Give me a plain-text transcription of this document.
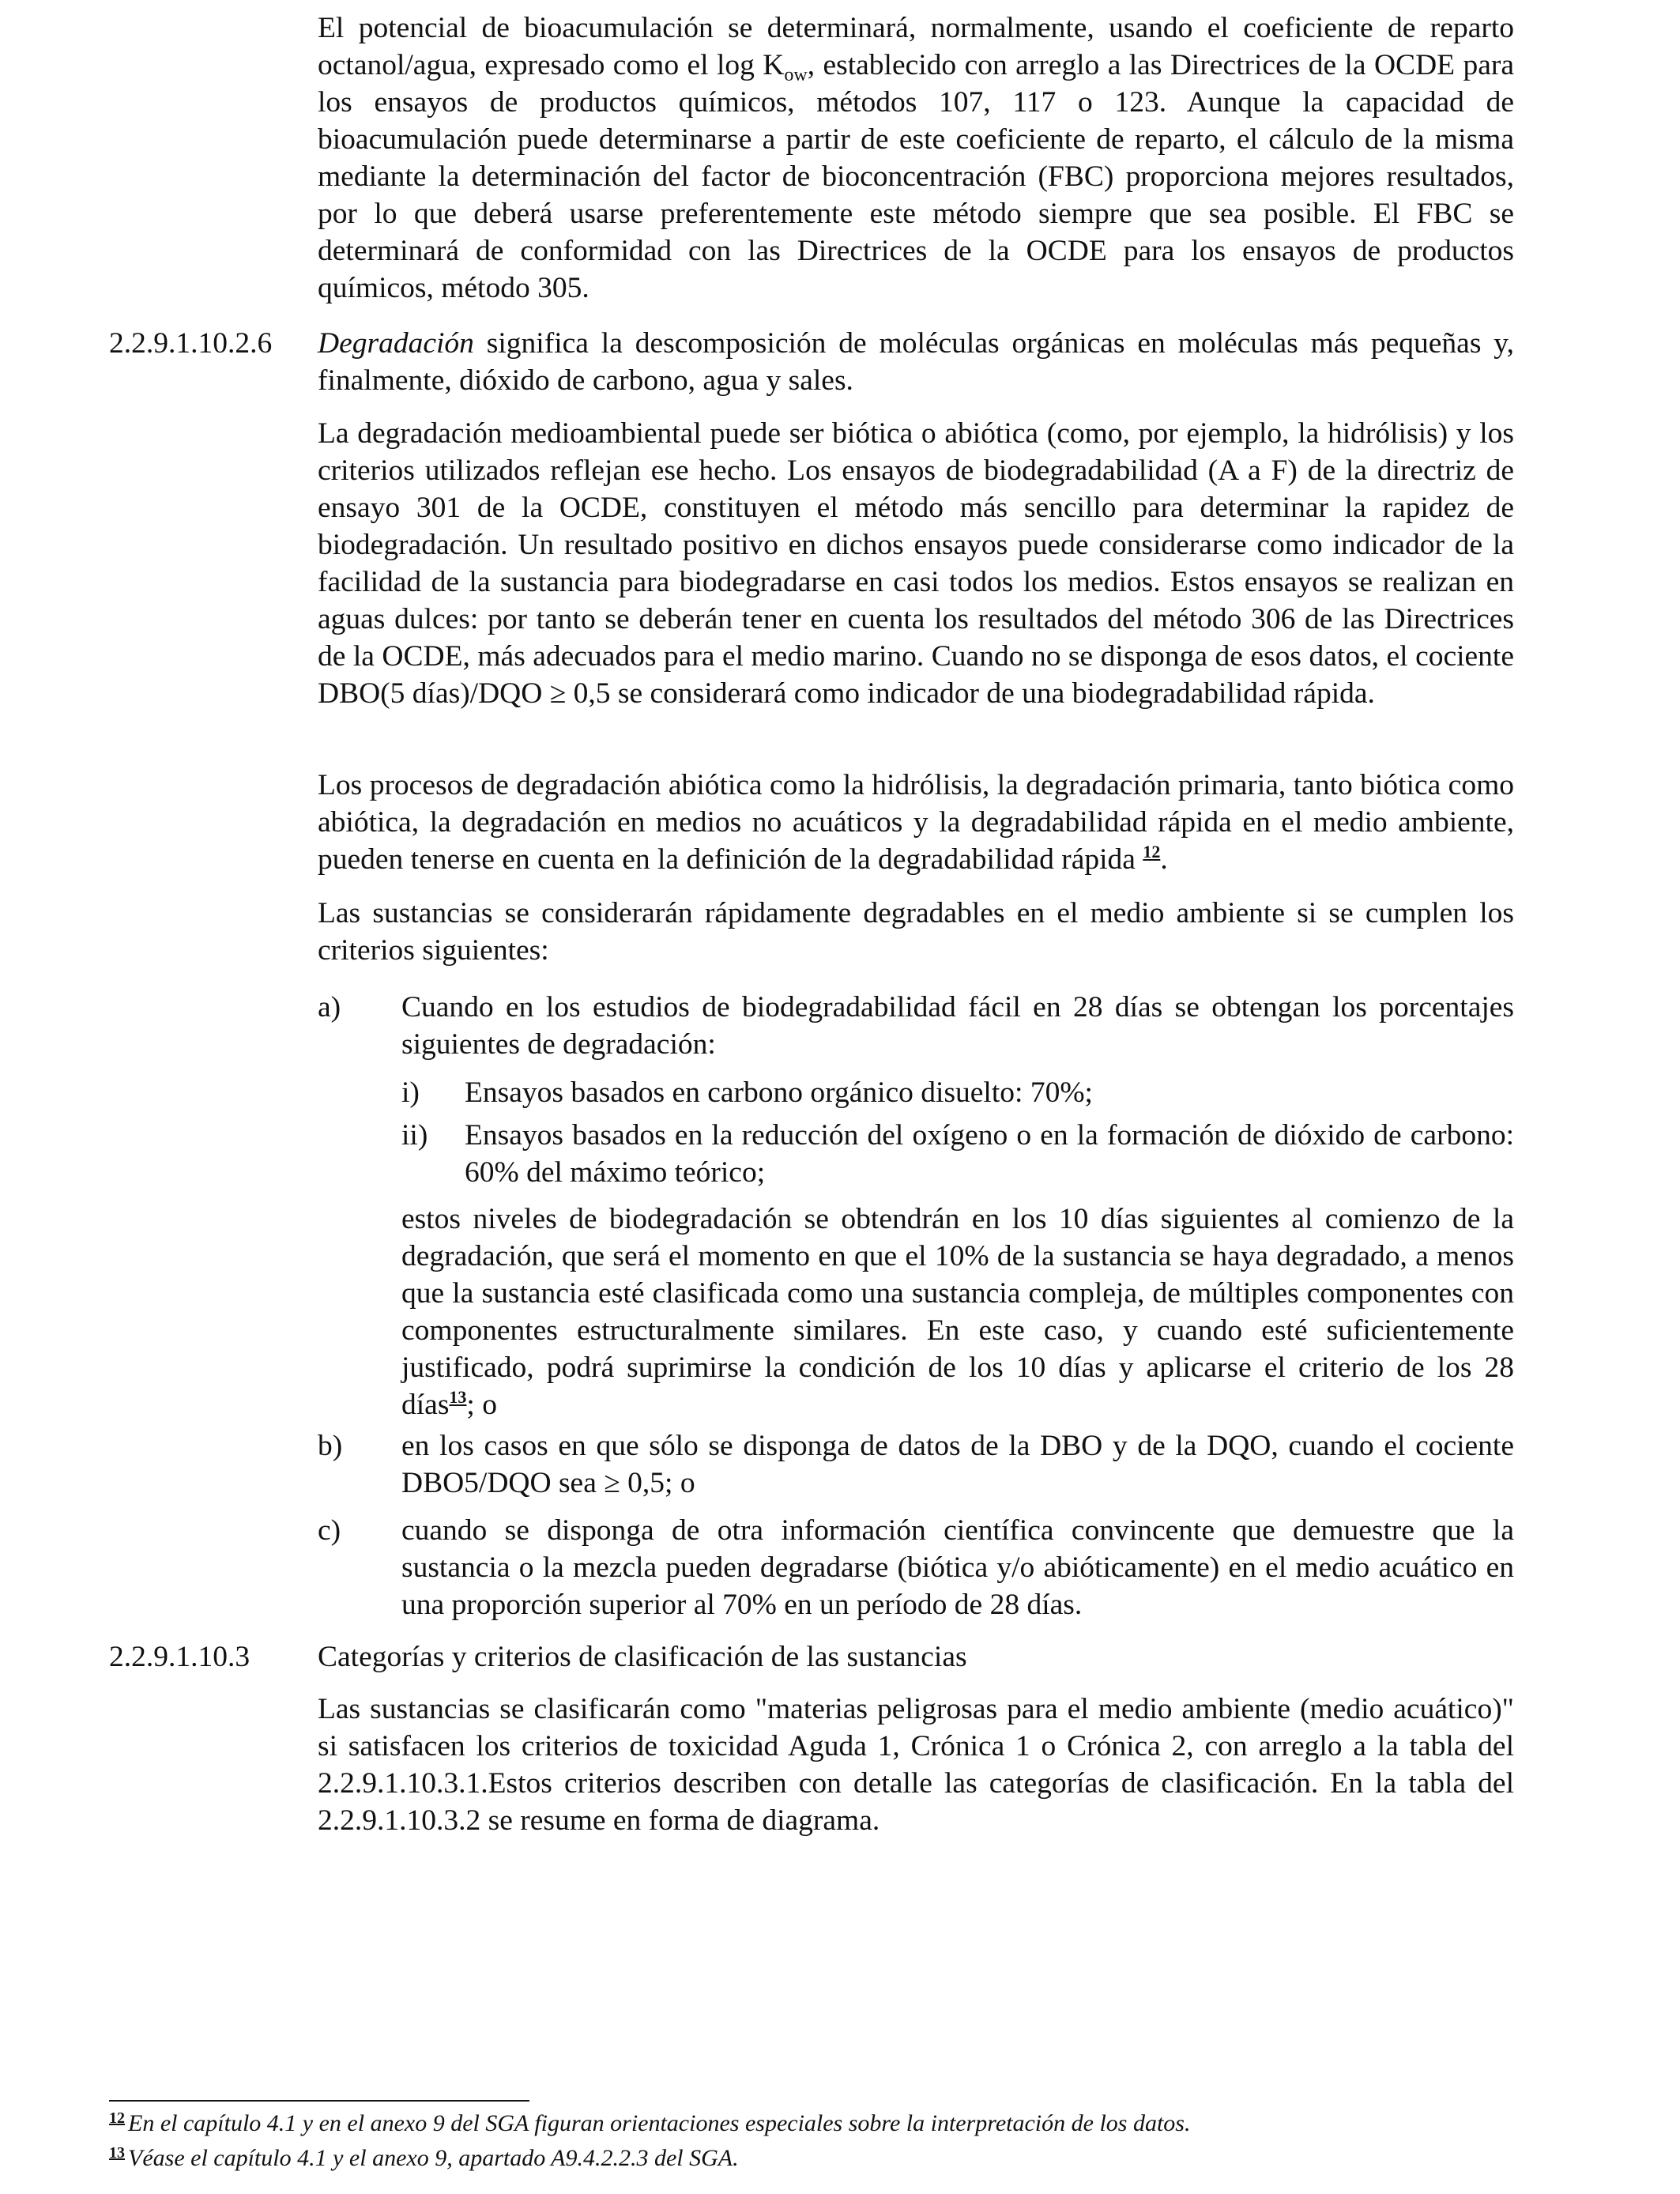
El potencial de bioacumulación se determinará, normalmente, usando el coeficiente de reparto octanol/agua, expresado como el $\log K_{ow}$, establecido con arreglo a las Directrices de la OCDE para los ensayos de productos químicos, métodos 107, 117 o 123. Aunque la capacidad de bioacumulación puede determinarse a partir de este coeficiente de reparto, el cálculo de la misma mediante la determinación del factor de bioconcentración (FBC) proporciona mejores resultados, por lo que deberá usarse preferentemente este método siempre que sea posible. El FBC se determinará de conformidad con las Directrices de la OCDE para los ensayos de productos químicos, método 305.

2.2.9.1.10.2.6 Degradación significa la descomposición de moléculas orgánicas en moléculas más pequeñas y, finalmente, dióxido de carbono, agua y sales.

La degradación medioambiental puede ser biótica o abiótica (como, por ejemplo, la hidrólisis) y los criterios utilizados reflejan ese hecho. Los ensayos de biodegradabilidad (A a F) de la directriz de ensayo 301 de la OCDE, constituyen el método más sencillo para determinar la rapidez de biodegradación. Un resultado positivo en dichos ensayos puede considerarse como indicador de la facilidad de la sustancia para biodegradarse en casi todos los medios. Estos ensayos se realizan en aguas dulces: por tanto se deberán tener en cuenta los resultados del método 306 de las Directrices de la OCDE, más adecuados para el medio marino. Cuando no se disponga de esos datos, el cociente DBO(5 días)/DQO ≥ 0,5 se considerará como indicador de una biodegradabilidad rápida.

Los procesos de degradación abiótica como la hidrólisis, la degradación primaria, tanto biótica como abiótica, la degradación en medios no acuáticos y la degradabilidad rápida en el medio ambiente, pueden tenerse en cuenta en la definición de la degradabilidad rápida $^{12}$.

Las sustancias se considerarán rápidamente degradables en el medio ambiente si se cumplen los criterios siguientes:

a) Cuando en los estudios de biodegradabilidad fácil en 28 días se obtengan los porcentajes siguientes de degradación:

i) Ensayos basados en carbono orgánico disuelto: 70%;

ii) Ensayos basados en la reducción del oxígeno o en la formación de dióxido de carbono: 60% del máximo teórico;

estos niveles de biodegradación se obtendrán en los 10 días siguientes al comienzo de la degradación, que será el momento en que el 10% de la sustancia se haya degradado, a menos que la sustancia esté clasificada como una sustancia compleja, de múltiples componentes con componentes estructuralmente similares. En este caso, y cuando esté suficientemente justificado, podrá suprimirse la condición de los 10 días y aplicarse el criterio de los 28 días$^{13}$; o

b) en los casos en que sólo se disponga de datos de la DBO y de la DQO, cuando el cociente DBO5/DQO sea ≥ 0,5; o

c) cuando se disponga de otra información científica convincente que demuestre que la sustancia o la mezcla pueden degradarse (biótica y/o abióticamente) en el medio acuático en una proporción superior al 70% en un período de 28 días.

2.2.9.1.10.3 Categorías y criterios de clasificación de las sustancias

Las sustancias se clasificarán como "materias peligrosas para el medio ambiente (medio acuático)" si satisfacen los criterios de toxicidad Aguda 1, Crónica 1 o Crónica 2, con arreglo a la tabla del 2.2.9.1.10.3.1.Estos criterios describen con detalle las categorías de clasificación. En la tabla del 2.2.9.1.10.3.2 se resume en forma de diagrama.

$^{12}$ En el capítulo 4.1 y en el anexo 9 del SGA figuran orientaciones especiales sobre la interpretación de los datos.

$^{13}$ Véase el capítulo 4.1 y el anexo 9, apartado A9.4.2.2.3 del SGA.
